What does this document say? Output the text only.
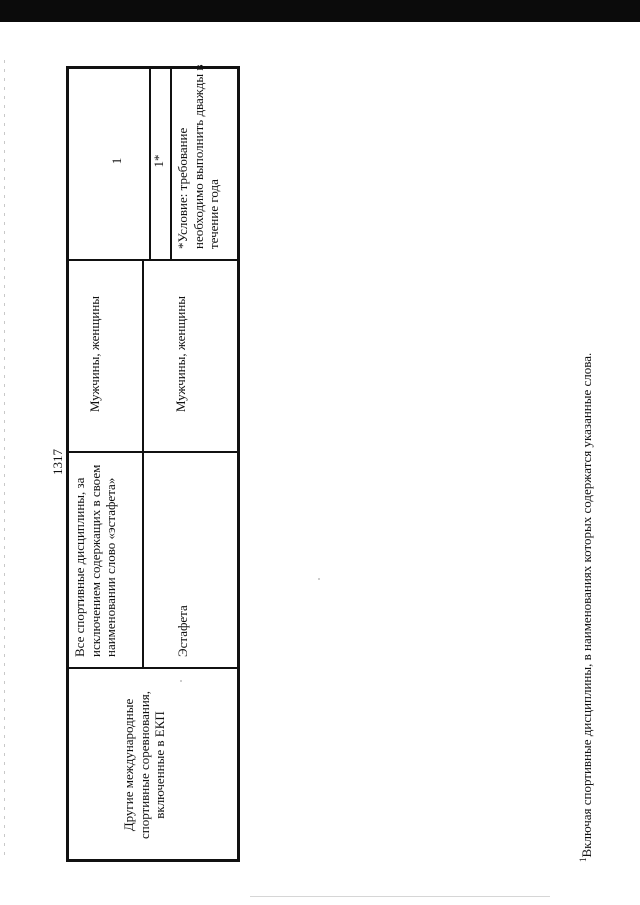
1317
Другие международные спортивные соревнования, включенные в ЕКП
Все спортивные дисциплины, за исключением содержащих в своем наименовании слово «эстафета»
Мужчины, женщины
1
Эстафета
Мужчины, женщины
1* *Условие: требование необходимо выполнить дважды в течение года
$^1$Включая спортивные дисциплины, в наименованиях которых содержатся указанные слова.
